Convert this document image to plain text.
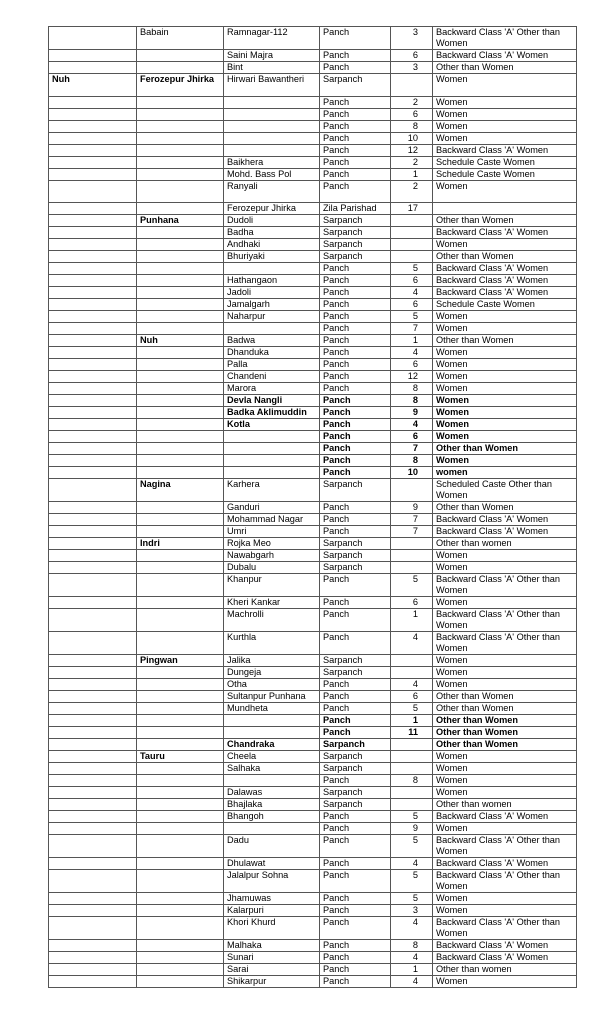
	Babain	Ramnagar-112	Panch	3	Backward Class 'A' Other than Women
		Saini Majra	Panch	6	Backward Class 'A' Women
		Bint	Panch	3	Other than Women
Nuh	Ferozepur Jhirka	Hirwari Bawantheri	Sarpanch		Women
			Panch	2	Women
			Panch	6	Women
			Panch	8	Women
			Panch	10	Women
			Panch	12	Backward Class 'A' Women
		Baikhera	Panch	2	Schedule Caste Women
		Mohd. Bass Pol	Panch	1	Schedule Caste Women
		Ranyali	Panch	2	Women
		Ferozepur Jhirka	Zila Parishad	17	
	Punhana	Dudoli	Sarpanch		Other than Women
		Badha	Sarpanch		Backward Class 'A' Women
		Andhaki	Sarpanch		Women
		Bhuriyaki	Sarpanch		Other than Women
			Panch	5	Backward Class 'A' Women
		Hathangaon	Panch	6	Backward Class 'A' Women
		Jadoli	Panch	4	Backward Class 'A' Women
		Jamalgarh	Panch	6	Schedule Caste Women
		Naharpur	Panch	5	Women
			Panch	7	Women
	Nuh	Badwa	Panch	1	Other than Women
		Dhanduka	Panch	4	Women
		Palla	Panch	6	Women
		Chandeni	Panch	12	Women
		Marora	Panch	8	Women
		Devla Nangli	Panch	8	Women
		Badka Aklimuddin	Panch	9	Women
		Kotla	Panch	4	Women
			Panch	6	Women
			Panch	7	Other than Women
			Panch	8	Women
			Panch	10	women
	Nagina	Karhera	Sarpanch		Scheduled Caste Other than Women
		Ganduri	Panch	9	Other than Women
		Mohammad Nagar	Panch	7	Backward Class 'A' Women
		Umri	Panch	7	Backward Class 'A' Women
	Indri	Rojka Meo	Sarpanch		Other than women
		Nawabgarh	Sarpanch		Women
		Dubalu	Sarpanch		Women
		Khanpur	Panch	5	Backward Class 'A' Other than Women
		Kheri Kankar	Panch	6	Women
		Machrolli	Panch	1	Backward Class 'A' Other than Women
		Kurthla	Panch	4	Backward Class 'A' Other than Women
	Pingwan	Jalika	Sarpanch		Women
		Dungeja	Sarpanch		Women
		Otha	Panch	4	Women
		Sultanpur Punhana	Panch	6	Other than Women
		Mundheta	Panch	5	Other than Women
			Panch	1	Other than Women
			Panch	11	Other than Women
		Chandraka	Sarpanch		Other than Women
	Tauru	Cheela	Sarpanch		Women
		Salhaka	Sarpanch		Women
			Panch	8	Women
		Dalawas	Sarpanch		Women
		Bhajlaka	Sarpanch		Other than women
		Bhangoh	Panch	5	Backward Class 'A' Women
			Panch	9	Women
		Dadu	Panch	5	Backward Class 'A' Other than Women
		Dhulawat	Panch	4	Backward Class 'A' Women
		Jalalpur Sohna	Panch	5	Backward Class 'A' Other than Women
		Jhamuwas	Panch	5	Women
		Kalarpuri	Panch	3	Women
		Khori Khurd	Panch	4	Backward Class 'A' Other than Women
		Malhaka	Panch	8	Backward Class 'A' Women
		Sunari	Panch	4	Backward Class 'A' Women
		Sarai	Panch	1	Other than women
		Shikarpur	Panch	4	Women
